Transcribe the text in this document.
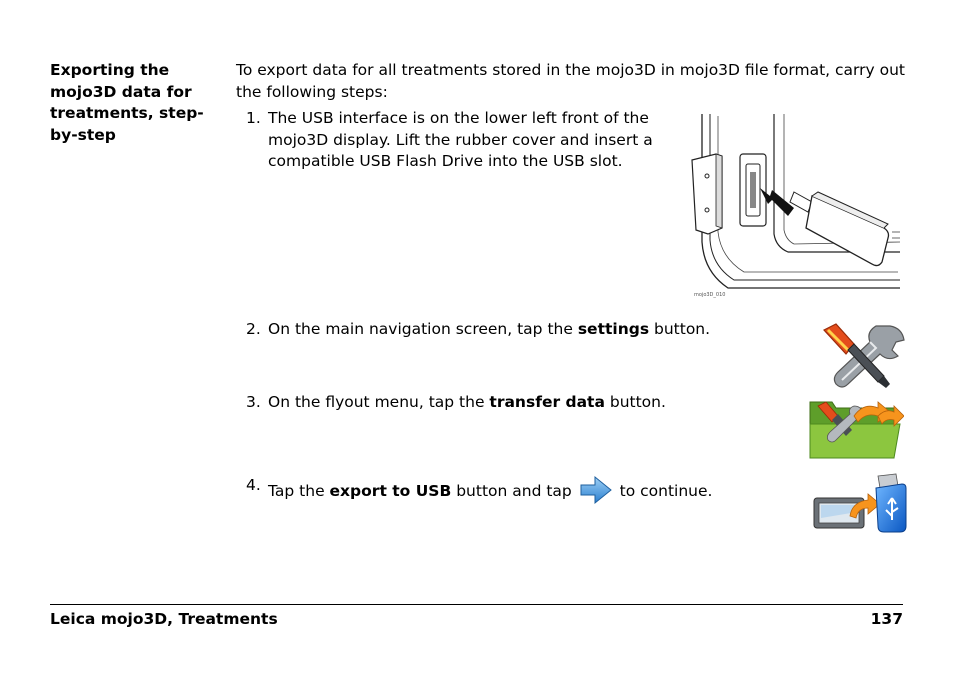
Exporting the mojo3D data for treatments, step-by-step
To export data for all treatments stored in the mojo3D in mojo3D file format, carry out the following steps:
1. The USB interface is on the lower left front of the
mojo3D display. Lift the rubber cover and insert a
compatible USB Flash Drive into the USB slot.
mojo3D_010
2. On the main navigation screen, tap the settings button.
3. On the flyout menu, tap the transfer data button.
4. Tap the export to USB button and tap	to continue.
Leica mojo3D, Treatments	137
